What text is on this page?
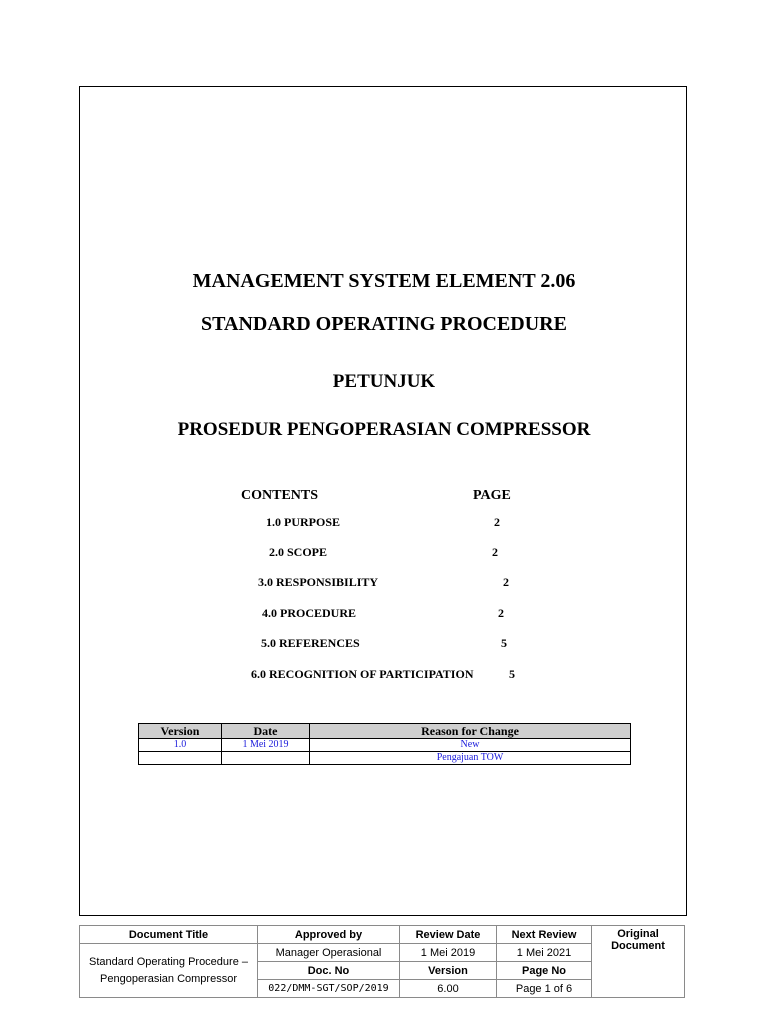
MANAGEMENT SYSTEM ELEMENT 2.06
STANDARD OPERATING PROCEDURE
PETUNJUK
PROSEDUR PENGOPERASIAN COMPRESSOR
CONTENTS	PAGE
1.0 PURPOSE	2
2.0 SCOPE	2
3.0 RESPONSIBILITY	2
4.0 PROCEDURE	2
5.0 REFERENCES	5
6.0 RECOGNITION OF PARTICIPATION	5
Version	Date	Reason for Change
1.0	1 Mei 2019	New
		Pengajuan TOW
Document Title	Approved by	Review Date	Next Review	Original Document
Standard Operating Procedure – Pengoperasian Compressor	Manager Operasional	1 Mei 2019	1 Mei 2021	
	Doc. No	Version	Page No	
	022/DMM-SGT/SOP/2019	6.00	Page 1 of 6	
